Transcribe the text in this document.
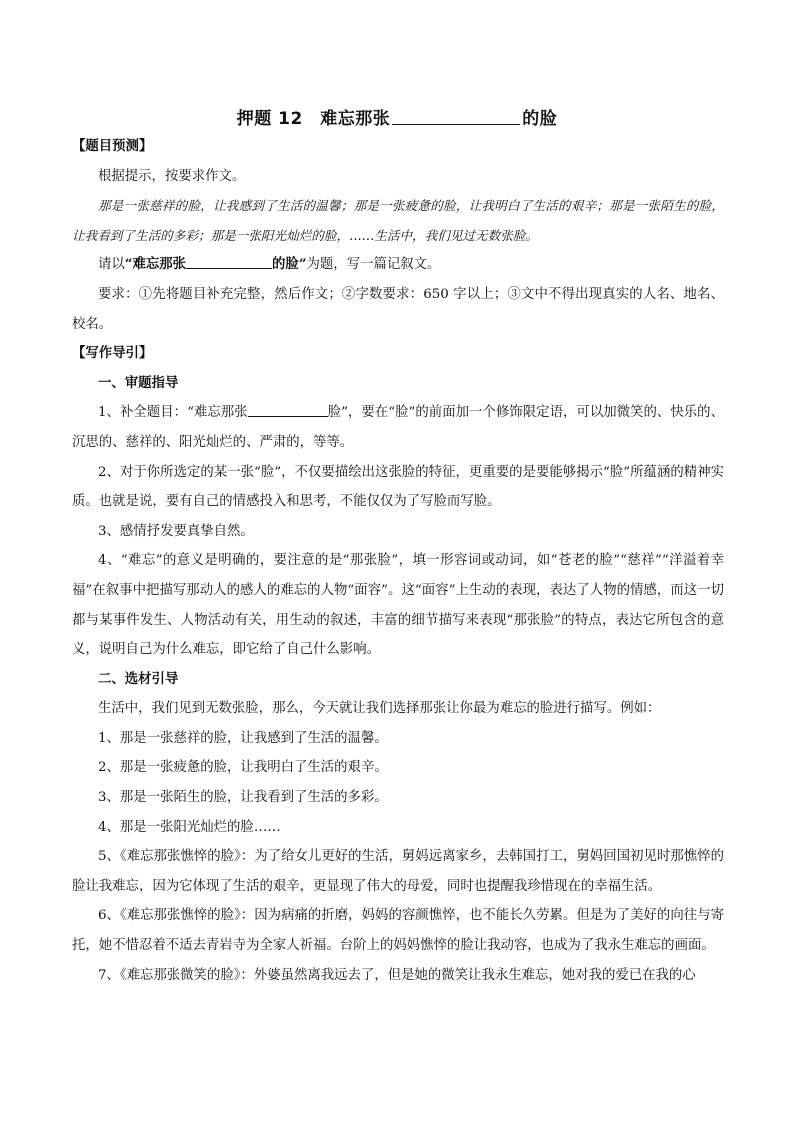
押题 12　难忘那张	的脸

【题目预测】

根据提示，按要求作文。

那是一张慈祥的脸，让我感到了生活的温馨；那是一张疲惫的脸，让我明白了生活的艰辛；那是一张陌生的脸，让我看到了生活的多彩；那是一张阳光灿烂的脸，……生活中，我们见过无数张脸。

请以“难忘那张	的脸”为题，写一篇记叙文。

要求：①先将题目补充完整，然后作文；②字数要求：650 字以上；③文中不得出现真实的人名、地名、校名。

【写作导引】

一、审题指导

1、补全题目：“难忘那张	脸”，要在“脸”的前面加一个修饰限定语，可以加微笑的、快乐的、沉思的、慈祥的、阳光灿烂的、严肃的，等等。

2、对于你所选定的某一张“脸”，不仅要描绘出这张脸的特征，更重要的是要能够揭示“脸”所蕴涵的精神实质。也就是说，要有自己的情感投入和思考，不能仅仅为了写脸而写脸。

3、感情抒发要真挚自然。

4、“难忘”的意义是明确的，要注意的是“那张脸”，填一形容词或动词，如“苍老的脸”“慈祥”“洋溢着幸福”在叙事中把描写那动人的感人的难忘的人物“面容”。这“面容”上生动的表现，表达了人物的情感，而这一切都与某事件发生、人物活动有关，用生动的叙述，丰富的细节描写来表现“那张脸”的特点，表达它所包含的意义，说明自己为什么难忘，即它给了自己什么影响。

二、选材引导

生活中，我们见到无数张脸，那么，今天就让我们选择那张让你最为难忘的脸进行描写。例如：

1、那是一张慈祥的脸，让我感到了生活的温馨。

2、那是一张疲惫的脸，让我明白了生活的艰辛。

3、那是一张陌生的脸，让我看到了生活的多彩。

4、那是一张阳光灿烂的脸……

5、《难忘那张憔悴的脸》：为了给女儿更好的生活，舅妈远离家乡，去韩国打工，舅妈回国初见时那憔悴的脸让我难忘，因为它体现了生活的艰辛，更显现了伟大的母爱，同时也提醒我珍惜现在的幸福生活。

6、《难忘那张憔悴的脸》：因为病痛的折磨，妈妈的容颜憔悴，也不能长久劳累。但是为了美好的向往与寄托，她不惜忍着不适去青岩寺为全家人祈福。台阶上的妈妈憔悴的脸让我动容，也成为了我永生难忘的画面。

7、《难忘那张微笑的脸》：外婆虽然离我远去了，但是她的微笑让我永生难忘，她对我的爱已在我的心
